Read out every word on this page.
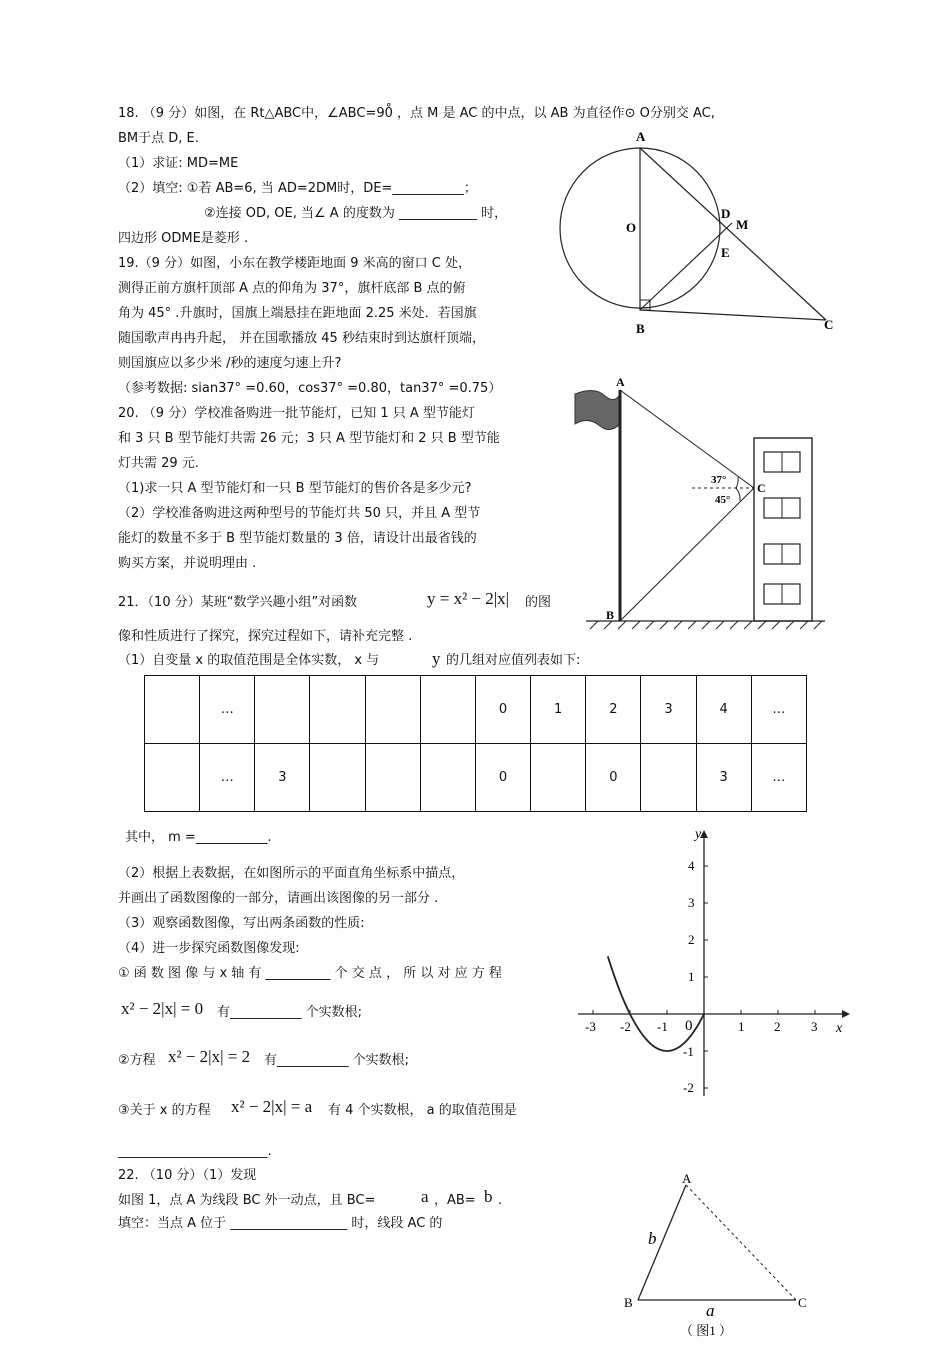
18. （9 分）如图，在 Rt△ABC中，∠ABC=90̊ ，点 M 是 AC 的中点，以 AB 为直径作⊙ O分别交 AC,
BM于点 D, E.
（1）求证: MD=ME
（2）填空: ①若 AB=6, 当 AD=2DM时，DE=___________；
②连接 OD, OE, 当∠ A 的度数为 ____________ 时，
四边形 ODME是菱形 .
A
O
B	C
D
M
E
19.（9 分）如图，小东在教学楼距地面 9 米高的窗口 C 处，
测得正前方旗杆顶部 A 点的仰角为 37°，旗杆底部 B 点的俯
角为 45° .升旗时，国旗上端悬挂在距地面 2.25 米处．若国旗
随国歌声冉冉升起， 并在国歌播放 45 秒结束时到达旗杆顶端，
则国旗应以多少米 /秒的速度匀速上升?
（参考数据: sian37° =0.60，cos37° =0.80，tan37° =0.75）	A
B
C
37°
45°
20. （9 分）学校准备购进一批节能灯，已知 1 只 A 型节能灯
和 3 只 B 型节能灯共需 26 元；3 只 A 型节能灯和 2 只 B 型节能
灯共需 29 元.
（1)求一只 A 型节能灯和一只 B 型节能灯的售价各是多少元?
（2）学校准备购进这两种型号的节能灯共 50 只，并且 A 型节
能灯的数量不多于 B 型节能灯数量的 3 倍，请设计出最省钱的
购买方案，并说明理由 .
21．（10 分）某班“数学兴趣小组”对函数	y = x² − 2|x| 的图
像和性质进行了探究，探究过程如下，请补充完整 .
（1）自变量 x 的取值范围是全体实数， x 与	y 的几组对应值列表如下:
	…					0	1	2	3	4	…
	…	3				0		0		3	…
其中， m =___________.
（2）根据上表数据，在如图所示的平面直角坐标系中描点，
并画出了函数图像的一部分，请画出该图像的另一部分 .
（3）观察函数图像，写出两条函数的性质:
（4）进一步探究函数图像发现:
① 函 数 图 像 与 x 轴 有 __________ 个 交 点 ， 所 以 对 应 方 程
x² − 2|x| = 0 有___________ 个实数根;
②方程 x² − 2|x| = 2 有___________ 个实数根;
③关于 x 的方程 x² − 2|x| = a 有 4 个实数根， a 的取值范围是
_______________________.
y
x
0
-3 -2 -1	1 2 3
4
3
2
1
-1
-2
22. （10 分）（1）发现
如图 1，点 A 为线段 BC 外一动点，且 BC=	a ，AB= b .
填空：当点 A 位于 __________________ 时，线段 AC 的
A
B	C
b
a
（ 图1 ）
